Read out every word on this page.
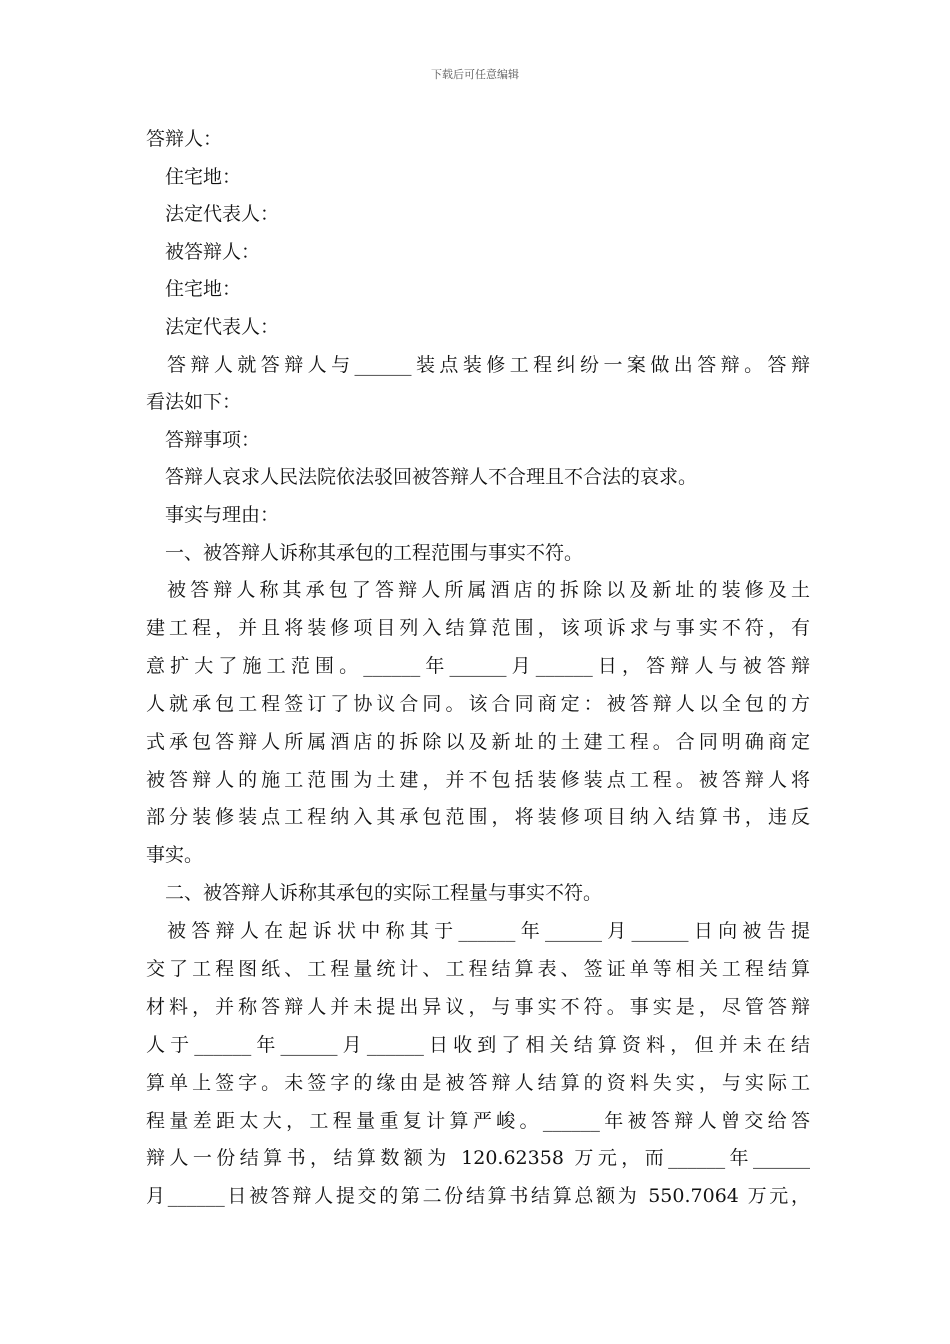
下载后可任意编辑
答辩人：
住宅地：
法定代表人：
被答辩人：
住宅地：
法定代表人：
答辩人就答辩人与______装点装修工程纠纷一案做出答辩。答辩
看法如下：
答辩事项：
答辩人哀求人民法院依法驳回被答辩人不合理且不合法的哀求。
事实与理由：
一、被答辩人诉称其承包的工程范围与事实不符。
被答辩人称其承包了答辩人所属酒店的拆除以及新址的装修及土
建工程，并且将装修项目列入结算范围，该项诉求与事实不符，有
意扩大了施工范围。______年______月______日，答辩人与被答辩
人就承包工程签订了协议合同。该合同商定：被答辩人以全包的方
式承包答辩人所属酒店的拆除以及新址的土建工程。合同明确商定
被答辩人的施工范围为土建，并不包括装修装点工程。被答辩人将
部分装修装点工程纳入其承包范围，将装修项目纳入结算书，违反
事实。
二、被答辩人诉称其承包的实际工程量与事实不符。
被答辩人在起诉状中称其于______年______月______日向被告提
交了工程图纸、工程量统计、工程结算表、签证单等相关工程结算
材料，并称答辩人并未提出异议，与事实不符。事实是，尽管答辩
人于______年______月______日收到了相关结算资料，但并未在结
算单上签字。未签字的缘由是被答辩人结算的资料失实，与实际工
程量差距太大，工程量重复计算严峻。______年被答辩人曾交给答
辩人一份结算书，结算数额为 120.62358 万元，而______年______
月______日被答辩人提交的第二份结算书结算总额为 550.7064 万元，
